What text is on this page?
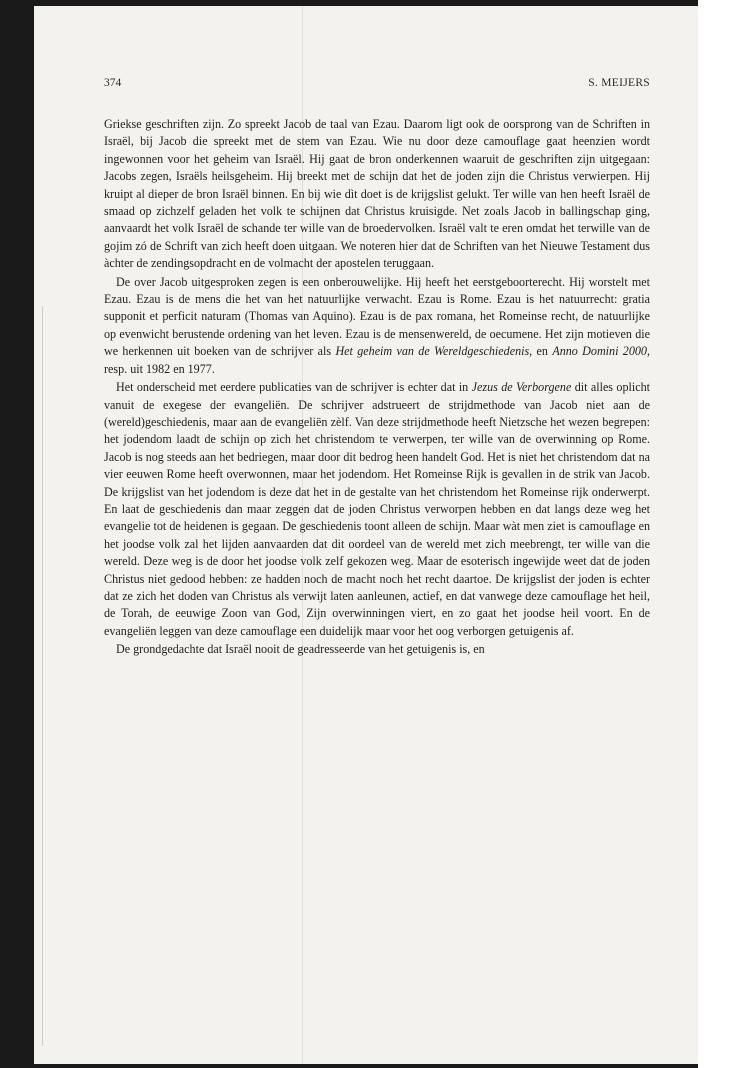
374	S. MEIJERS

Griekse geschriften zijn. Zo spreekt Jacob de taal van Ezau. Daarom ligt ook de oorsprong van de Schriften in Israël, bij Jacob die spreekt met de stem van Ezau. Wie nu door deze camouflage gaat heenzien wordt ingewonnen voor het geheim van Israël. Hij gaat de bron onderkennen waaruit de geschriften zijn uitgegaan: Jacobs zegen, Israëls heilsgeheim. Hij breekt met de schijn dat het de joden zijn die Christus verwierpen. Hij kruipt al dieper de bron Israël binnen. En bij wie dìt doet is de krijgslist gelukt. Ter wille van hen heeft Israël de smaad op zichzelf geladen het volk te schijnen dat Christus kruisigde. Net zoals Jacob in ballingschap ging, aanvaardt het volk Israël de schande ter wille van de broedervolken. Israël valt te eren omdat het terwille van de gojim zó de Schrift van zich heeft doen uitgaan. We noteren hier dat de Schriften van het Nieuwe Testament dus àchter de zendingsopdracht en de volmacht der apostelen teruggaan.

De over Jacob uitgesproken zegen is een onberouwelijke. Hij heeft het eerstgeboorterecht. Hij worstelt met Ezau. Ezau is de mens die het van het natuurlijke verwacht. Ezau is Rome. Ezau is het natuurrecht: gratia supponit et perficit naturam (Thomas van Aquino). Ezau is de pax romana, het Romeinse recht, de natuurlijke op evenwicht berustende ordening van het leven. Ezau is de mensenwereld, de oecumene. Het zijn motieven die we herkennen uit boeken van de schrijver als Het geheim van de Wereldgeschiedenis, en Anno Domini 2000, resp. uit 1982 en 1977.

Het onderscheid met eerdere publicaties van de schrijver is echter dat in Jezus de Verborgene dit alles oplicht vanuit de exegese der evangeliën. De schrijver adstrueert de strijdmethode van Jacob niet aan de (wereld)geschiedenis, maar aan de evangeliën zèlf. Van deze strijdmethode heeft Nietzsche het wezen begrepen: het jodendom laadt de schijn op zich het christendom te verwerpen, ter wille van de overwinning op Rome. Jacob is nog steeds aan het bedriegen, maar door dit bedrog heen handelt God. Het is niet het christendom dat na vier eeuwen Rome heeft overwonnen, maar het jodendom. Het Romeinse Rijk is gevallen in de strik van Jacob. De krijgslist van het jodendom is deze dat het in de gestalte van het christendom het Romeinse rijk onderwerpt. En laat de geschiedenis dan maar zeggen dat de joden Christus verworpen hebben en dat langs deze weg het evangelie tot de heidenen is gegaan. De geschiedenis toont alleen de schijn. Maar wàt men ziet is camouflage en het joodse volk zal het lijden aanvaarden dat dit oordeel van de wereld met zich meebrengt, ter wille van die wereld. Deze weg is de door het joodse volk zelf gekozen weg. Maar de esoterisch ingewijde weet dat de joden Christus niet gedood hebben: ze hadden noch de macht noch het recht daartoe. De krijgslist der joden is echter dat ze zich het doden van Christus als verwijt laten aanleunen, actief, en dat vanwege deze camouflage het heil, de Torah, de eeuwige Zoon van God, Zijn overwinningen viert, en zo gaat het joodse heil voort. En de evangeliën leggen van deze camouflage een duidelijk maar voor het oog verborgen getuigenis af.

De grondgedachte dat Israël nooit de geadresseerde van het getuigenis is, en
